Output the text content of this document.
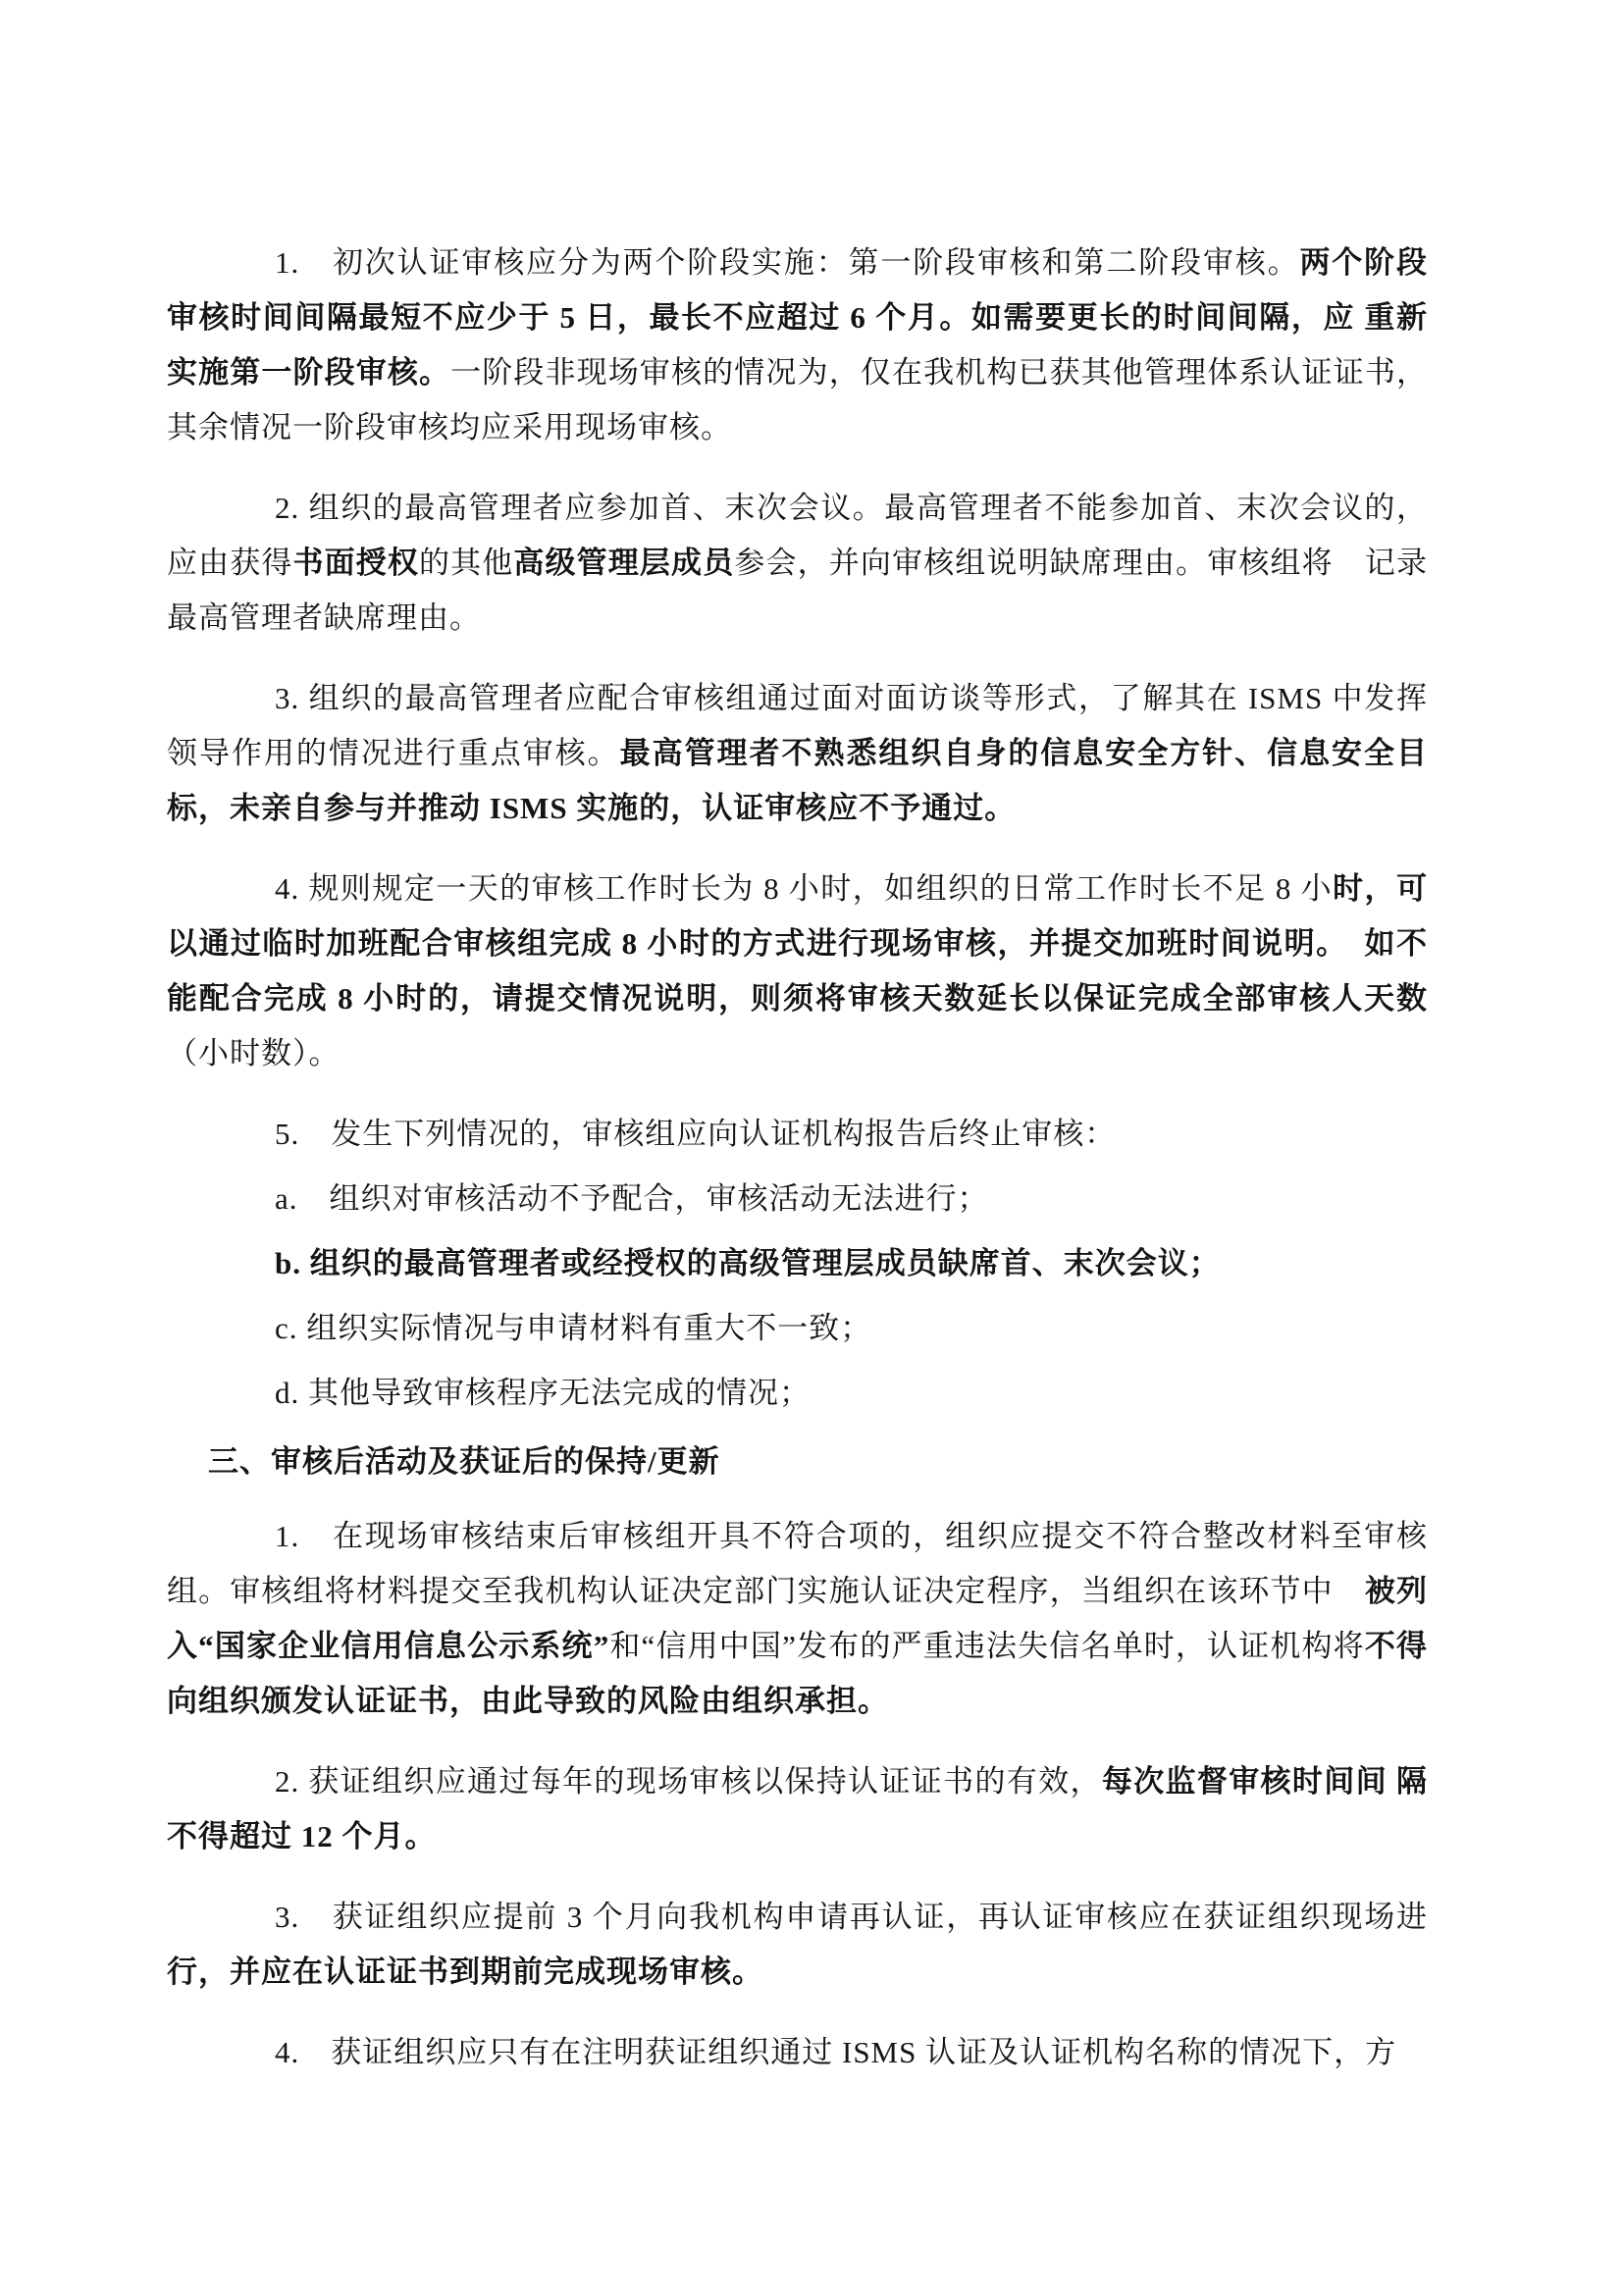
1.　初次认证审核应分为两个阶段实施：第一阶段审核和第二阶段审核。两个阶段审核时间间隔最短不应少于 5 日，最长不应超过 6 个月。如需要更长的时间间隔，应 重新实施第一阶段审核。一阶段非现场审核的情况为，仅在我机构已获其他管理体系认证证书，其余情况一阶段审核均应采用现场审核。

2. 组织的最高管理者应参加首、末次会议。最高管理者不能参加首、末次会议的，应由获得书面授权的其他高级管理层成员参会，并向审核组说明缺席理由。审核组将　记录最高管理者缺席理由。

3. 组织的最高管理者应配合审核组通过面对面访谈等形式，了解其在 ISMS 中发挥领导作用的情况进行重点审核。最高管理者不熟悉组织自身的信息安全方针、信息安全目标，未亲自参与并推动 ISMS 实施的，认证审核应不予通过。

4. 规则规定一天的审核工作时长为 8 小时，如组织的日常工作时长不足 8 小时，可以通过临时加班配合审核组完成 8 小时的方式进行现场审核，并提交加班时间说明。　如不能配合完成 8 小时的，请提交情况说明，则须将审核天数延长以保证完成全部审核人天数（小时数）。

5.　发生下列情况的，审核组应向认证机构报告后终止审核：

a.　组织对审核活动不予配合，审核活动无法进行；

b. 组织的最高管理者或经授权的高级管理层成员缺席首、末次会议；

c. 组织实际情况与申请材料有重大不一致；

d. 其他导致审核程序无法完成的情况；

三、审核后活动及获证后的保持/更新

1.　在现场审核结束后审核组开具不符合项的，组织应提交不符合整改材料至审核组。审核组将材料提交至我机构认证决定部门实施认证决定程序，当组织在该环节中　被列入“国家企业信用信息公示系统”和“信用中国”发布的严重违法失信名单时，认证机构将不得向组织颁发认证证书，由此导致的风险由组织承担。

2. 获证组织应通过每年的现场审核以保持认证证书的有效，每次监督审核时间间 隔不得超过 12 个月。

3.　获证组织应提前 3 个月向我机构申请再认证，再认证审核应在获证组织现场进行，并应在认证证书到期前完成现场审核。

4.　获证组织应只有在注明获证组织通过 ISMS 认证及认证机构名称的情况下，方
